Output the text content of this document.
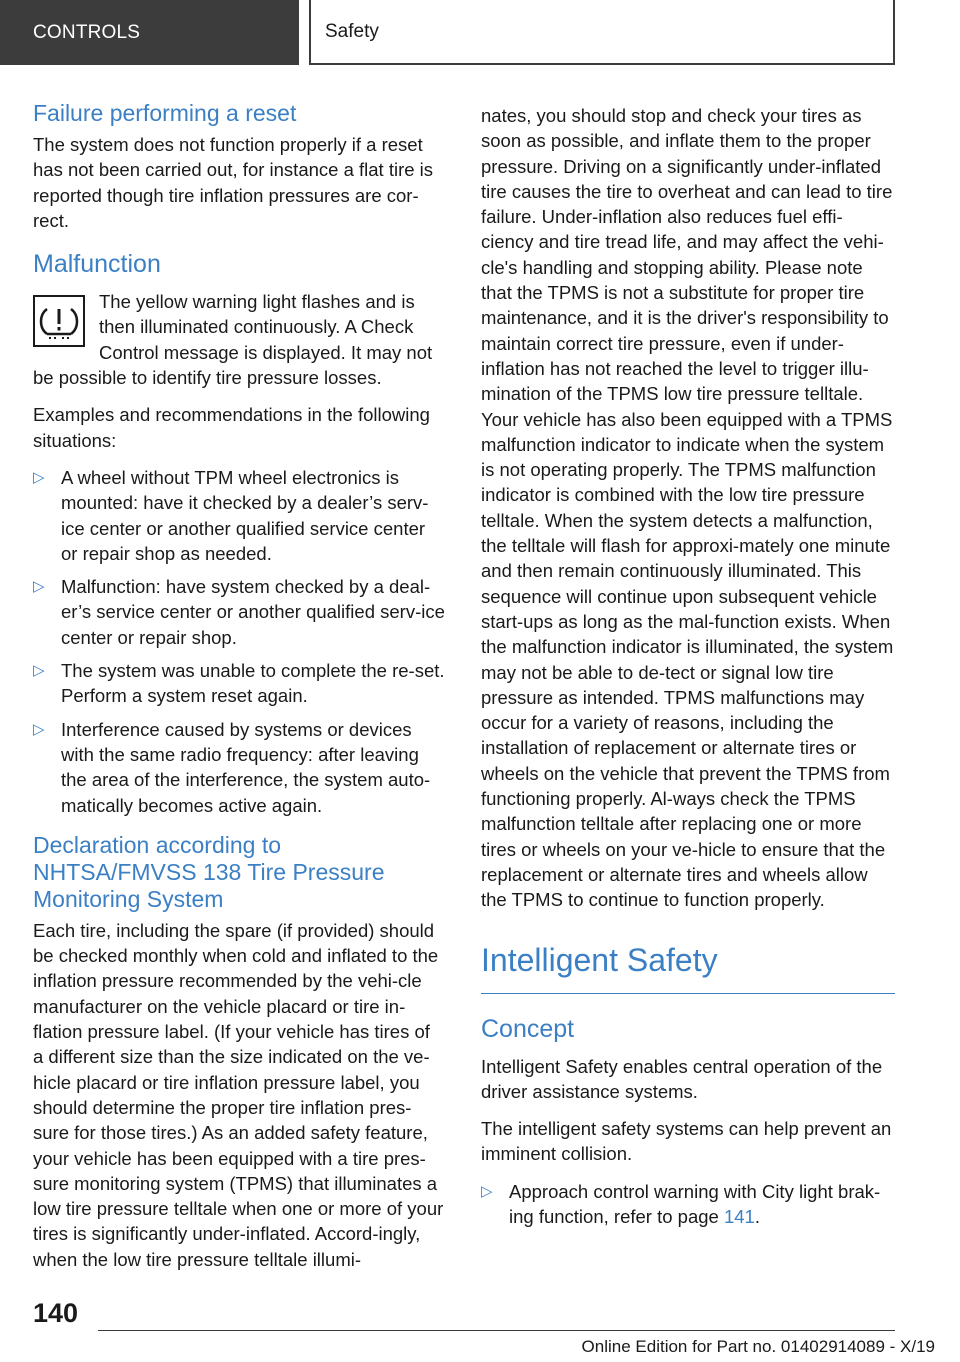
CONTROLS	Safety
Failure performing a reset

The system does not function properly if a reset has not been carried out, for instance a flat tire is reported though tire inflation pressures are cor-rect.

Malfunction

The yellow warning light flashes and is then illuminated continuously. A Check Control message is displayed. It may not be possible to identify tire pressure losses.

Examples and recommendations in the following situations:

▷ A wheel without TPM wheel electronics is mounted: have it checked by a dealer’s serv-ice center or another qualified service center or repair shop as needed.
▷ Malfunction: have system checked by a deal-er’s service center or another qualified serv-ice center or repair shop.
▷ The system was unable to complete the re-set. Perform a system reset again.
▷ Interference caused by systems or devices with the same radio frequency: after leaving the area of the interference, the system auto-matically becomes active again.
Declaration according to NHTSA/FMVSS 138 Tire Pressure Monitoring System

Each tire, including the spare (if provided) should be checked monthly when cold and inflated to the inflation pressure recommended by the vehi-cle manufacturer on the vehicle placard or tire in-flation pressure label. (If your vehicle has tires of a different size than the size indicated on the ve-hicle placard or tire inflation pressure label, you should determine the proper tire inflation pres-sure for those tires.) As an added safety feature, your vehicle has been equipped with a tire pres-sure monitoring system (TPMS) that illuminates a low tire pressure telltale when one or more of your tires is significantly under-inflated. Accord-ingly, when the low tire pressure telltale illumi-

nates, you should stop and check your tires as soon as possible, and inflate them to the proper pressure. Driving on a significantly under-inflated tire causes the tire to overheat and can lead to tire failure. Under-inflation also reduces fuel effi-ciency and tire tread life, and may affect the vehi-cle's handling and stopping ability. Please note that the TPMS is not a substitute for proper tire maintenance, and it is the driver's responsibility to maintain correct tire pressure, even if under-inflation has not reached the level to trigger illu-mination of the TPMS low tire pressure telltale. Your vehicle has also been equipped with a TPMS malfunction indicator to indicate when the system is not operating properly. The TPMS malfunction indicator is combined with the low tire pressure telltale. When the system detects a malfunction, the telltale will flash for approxi-mately one minute and then remain continuously illuminated. This sequence will continue upon subsequent vehicle start-ups as long as the mal-function exists. When the malfunction indicator is illuminated, the system may not be able to de-tect or signal low tire pressure as intended. TPMS malfunctions may occur for a variety of reasons, including the installation of replacement or alternate tires or wheels on the vehicle that prevent the TPMS from functioning properly. Al-ways check the TPMS malfunction telltale after replacing one or more tires or wheels on your ve-hicle to ensure that the replacement or alternate tires and wheels allow the TPMS to continue to function properly.

Intelligent Safety
Concept

Intelligent Safety enables central operation of the driver assistance systems.

The intelligent safety systems can help prevent an imminent collision.

▷ Approach control warning with City light brak-ing function, refer to page 141.
140
Online Edition for Part no. 01402914089 - X/19
